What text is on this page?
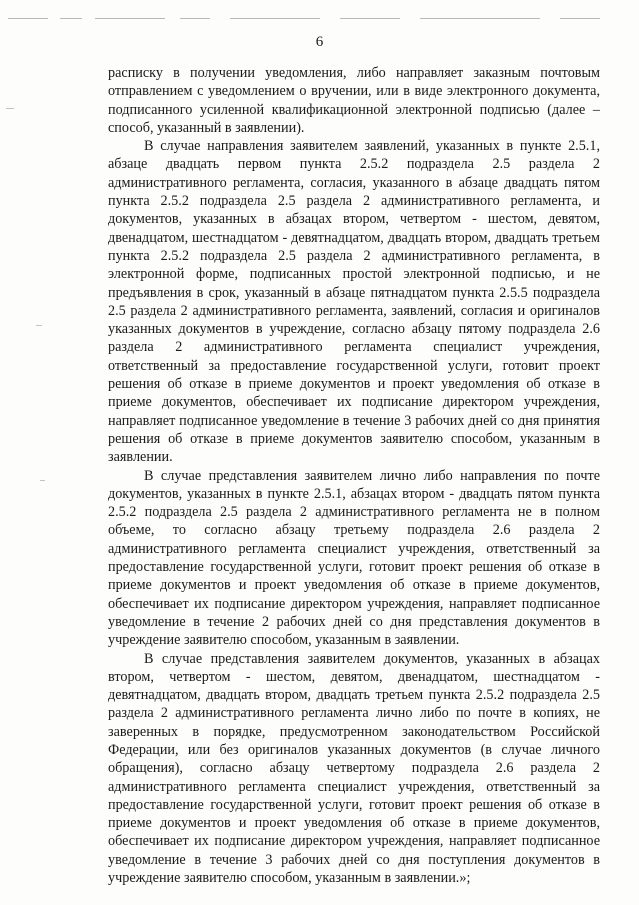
6

расписку в получении уведомления, либо направляет заказным почтовым отправлением с уведомлением о вручении, или в виде электронного документа, подписанного усиленной квалификационной электронной подписью (далее – способ, указанный в заявлении).

В случае направления заявителем заявлений, указанных в пункте 2.5.1, абзаце двадцать первом пункта 2.5.2 подраздела 2.5 раздела 2 административного регламента, согласия, указанного в абзаце двадцать пятом пункта 2.5.2 подраздела 2.5 раздела 2 административного регламента, и документов, указанных в абзацах втором, четвертом - шестом, девятом, двенадцатом, шестнадцатом - девятнадцатом, двадцать втором, двадцать третьем пункта 2.5.2 подраздела 2.5 раздела 2 административного регламента, в электронной форме, подписанных простой электронной подписью, и не предъявления в срок, указанный в абзаце пятнадцатом пункта 2.5.5 подраздела 2.5 раздела 2 административного регламента, заявлений, согласия и оригиналов указанных документов в учреждение, согласно абзацу пятому подраздела 2.6 раздела 2 административного регламента специалист учреждения, ответственный за предоставление государственной услуги, готовит проект решения об отказе в приеме документов и проект уведомления об отказе в приеме документов, обеспечивает их подписание директором учреждения, направляет подписанное уведомление в течение 3 рабочих дней со дня принятия решения об отказе в приеме документов заявителю способом, указанным в заявлении.

В случае представления заявителем лично либо направления по почте документов, указанных в пункте 2.5.1, абзацах втором - двадцать пятом пункта 2.5.2 подраздела 2.5 раздела 2 административного регламента не в полном объеме, то согласно абзацу третьему подраздела 2.6 раздела 2 административного регламента специалист учреждения, ответственный за предоставление государственной услуги, готовит проект решения об отказе в приеме документов и проект уведомления об отказе в приеме документов, обеспечивает их подписание директором учреждения, направляет подписанное уведомление в течение 2 рабочих дней со дня представления документов в учреждение заявителю способом, указанным в заявлении.

В случае представления заявителем документов, указанных в абзацах втором, четвертом - шестом, девятом, двенадцатом, шестнадцатом - девятнадцатом, двадцать втором, двадцать третьем пункта 2.5.2 подраздела 2.5 раздела 2 административного регламента лично либо по почте в копиях, не заверенных в порядке, предусмотренном законодательством Российской Федерации, или без оригиналов указанных документов (в случае личного обращения), согласно абзацу четвертому подраздела 2.6 раздела 2 административного регламента специалист учреждения, ответственный за предоставление государственной услуги, готовит проект решения об отказе в приеме документов и проект уведомления об отказе в приеме документов, обеспечивает их подписание директором учреждения, направляет подписанное уведомление в течение 3 рабочих дней со дня поступления документов в учреждение заявителю способом, указанным в заявлении.»;
